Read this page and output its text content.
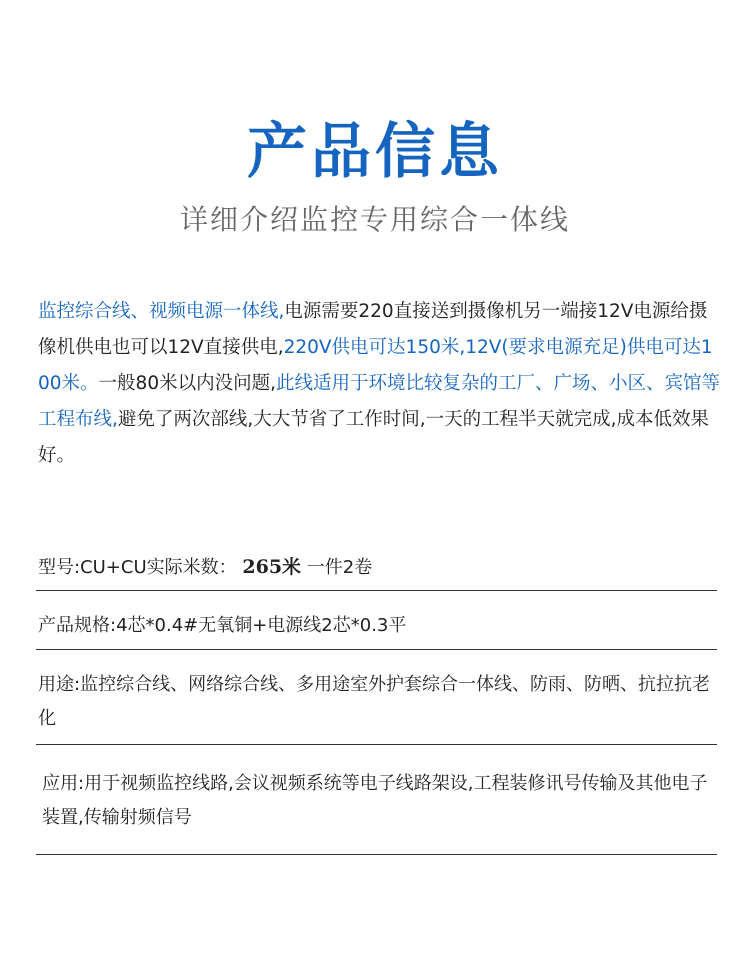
产品信息
详细介绍监控专用综合一体线

监控综合线、视频电源一体线,电源需要220直接送到摄像机另一端接12V电源给摄像机供电也可以12V直接供电,220V供电可达150米,12V(要求电源充足)供电可达100米。一般80米以内没问题,此线适用于环境比较复杂的工厂、广场、小区、宾馆等工程布线,避免了两次部线,大大节省了工作时间,一天的工程半天就完成,成本低效果好。

型号:CU+CU实际米数： 265米 一件2卷
产品规格:4芯*0.4#无氧铜+电源线2芯*0.3平
用途:监控综合线、网络综合线、多用途室外护套综合一体线、防雨、防晒、抗拉抗老化
应用:用于视频监控线路,会议视频系统等电子线路架设,工程装修讯号传输及其他电子装置,传输射频信号
